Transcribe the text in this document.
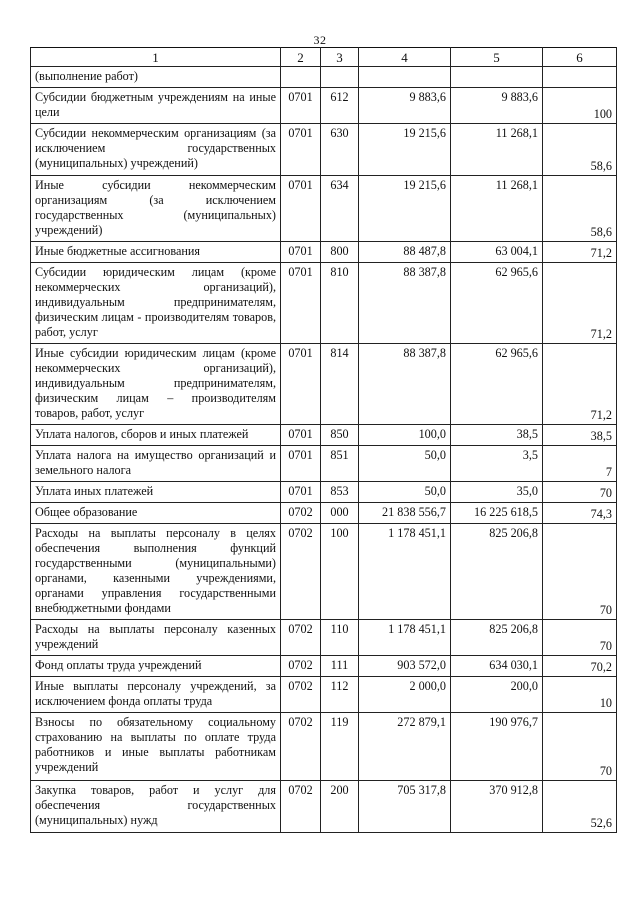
32
1	2	3	4	5	6
(выполнение работ)					
Субсидии бюджетным учреждениям на иные цели	0701	612	9 883,6	9 883,6	100
Субсидии некоммерческим организациям (за исключением государственных (муниципальных) учреждений)	0701	630	19 215,6	11 268,1	58,6
Иные субсидии некоммерческим организациям (за исключением государственных (муниципальных) учреждений)	0701	634	19 215,6	11 268,1	58,6
Иные бюджетные ассигнования	0701	800	88 487,8	63 004,1	71,2
Субсидии юридическим лицам (кроме некоммерческих организаций), индивидуальным предпринимателям, физическим лицам - производителям товаров, работ, услуг	0701	810	88 387,8	62 965,6	71,2
Иные субсидии юридическим лицам (кроме некоммерческих организаций), индивидуальным предпринимателям, физическим лицам – производителям товаров, работ, услуг	0701	814	88 387,8	62 965,6	71,2
Уплата налогов, сборов и иных платежей	0701	850	100,0	38,5	38,5
Уплата налога на имущество организаций и земельного налога	0701	851	50,0	3,5	7
Уплата иных платежей	0701	853	50,0	35,0	70
Общее образование	0702	000	21 838 556,7	16 225 618,5	74,3
Расходы на выплаты персоналу в целях обеспечения выполнения функций государственными (муниципальными) органами, казенными учреждениями, органами управления государственными внебюджетными фондами	0702	100	1 178 451,1	825 206,8	70
Расходы на выплаты персоналу казенных учреждений	0702	110	1 178 451,1	825 206,8	70
Фонд оплаты труда учреждений	0702	111	903 572,0	634 030,1	70,2
Иные выплаты персоналу учреждений, за исключением фонда оплаты труда	0702	112	2 000,0	200,0	10
Взносы по обязательному социальному страхованию на выплаты по оплате труда работников и иные выплаты работникам учреждений	0702	119	272 879,1	190 976,7	70
Закупка товаров, работ и услуг для обеспечения государственных (муниципальных) нужд	0702	200	705 317,8	370 912,8	52,6
